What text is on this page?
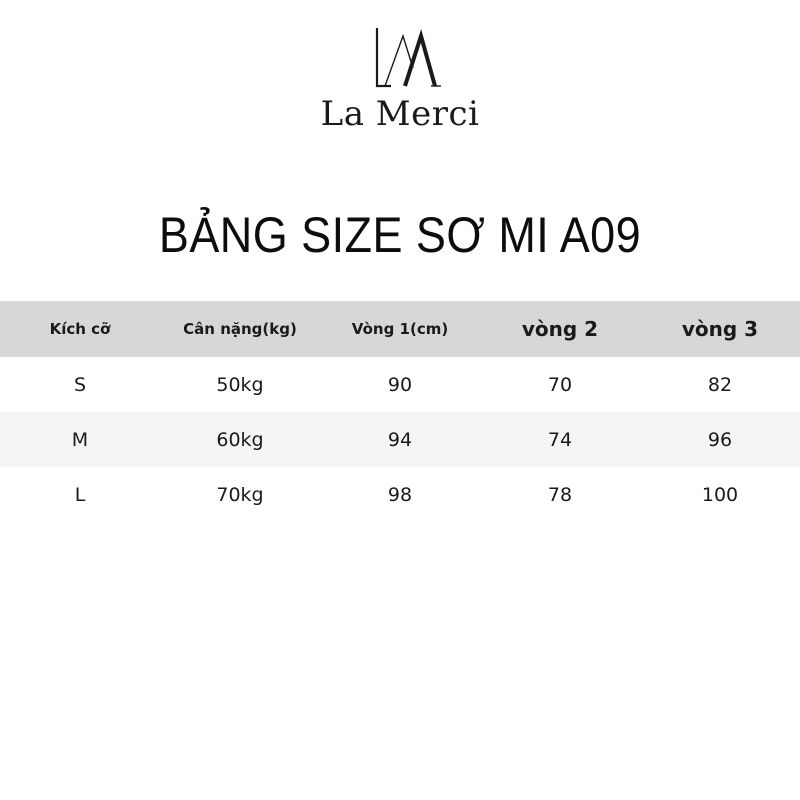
La Merci
BẢNG SIZE SƠ MI A09
Kích cỡ	Cân nặng(kg)	Vòng 1(cm)	vòng 2	vòng 3
S	50kg	90	70	82
M	60kg	94	74	96
L	70kg	98	78	100
